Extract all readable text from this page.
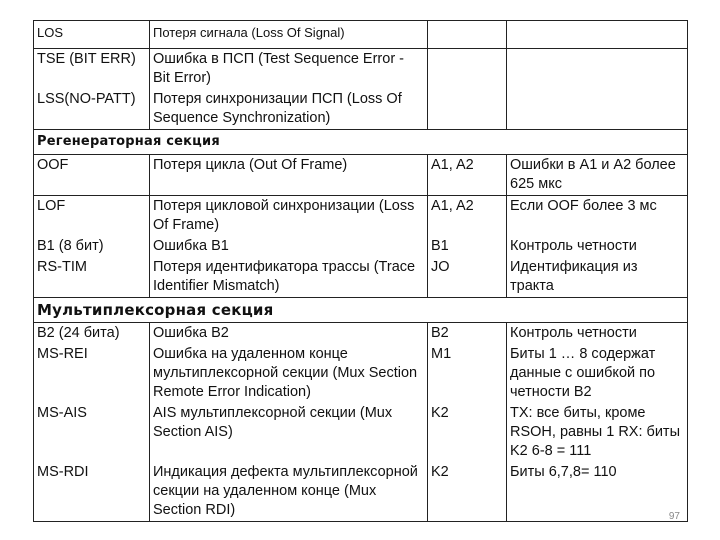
LOS	Потеря сигнала (Loss Of Signal)		
TSE (BIT ERR)	Ошибка в ПСП (Test Sequence Error - Bit Error)		
LSS(NO-PATT)	Потеря синхронизации ПСП (Loss Of Sequence Synchronization)		
Регенераторная секция			
OOF	Потеря цикла (Out Of Frame)	A1, A2	Ошибки в A1 и A2 более 625 мкс
LOF	Потеря цикловой синхронизации (Loss Of Frame)	A1, A2	Если OOF более 3 мс
B1 (8 бит)	Ошибка B1	B1	Контроль четности
RS-TIM	Потеря идентификатора трассы (Trace Identifier Mismatch)	JO	Идентификация из тракта
Мультиплексорная секция			
B2 (24 бита)	Ошибка B2	B2	Контроль четности
MS-REI	Ошибка на удаленном конце мультиплексорной секции (Mux Section Remote Error Indication)	M1	Биты 1 … 8 содержат данные с ошибкой по четности B2
MS-AIS	AIS мультиплексорной секции (Mux Section AIS)	K2	TX: все биты, кроме RSOH, равны 1 RX: биты K2 6-8 = 111
MS-RDI	Индикация дефекта мультиплексорной секции на удаленном конце (Mux Section RDI)	K2	Биты 6,7,8= 110
97
